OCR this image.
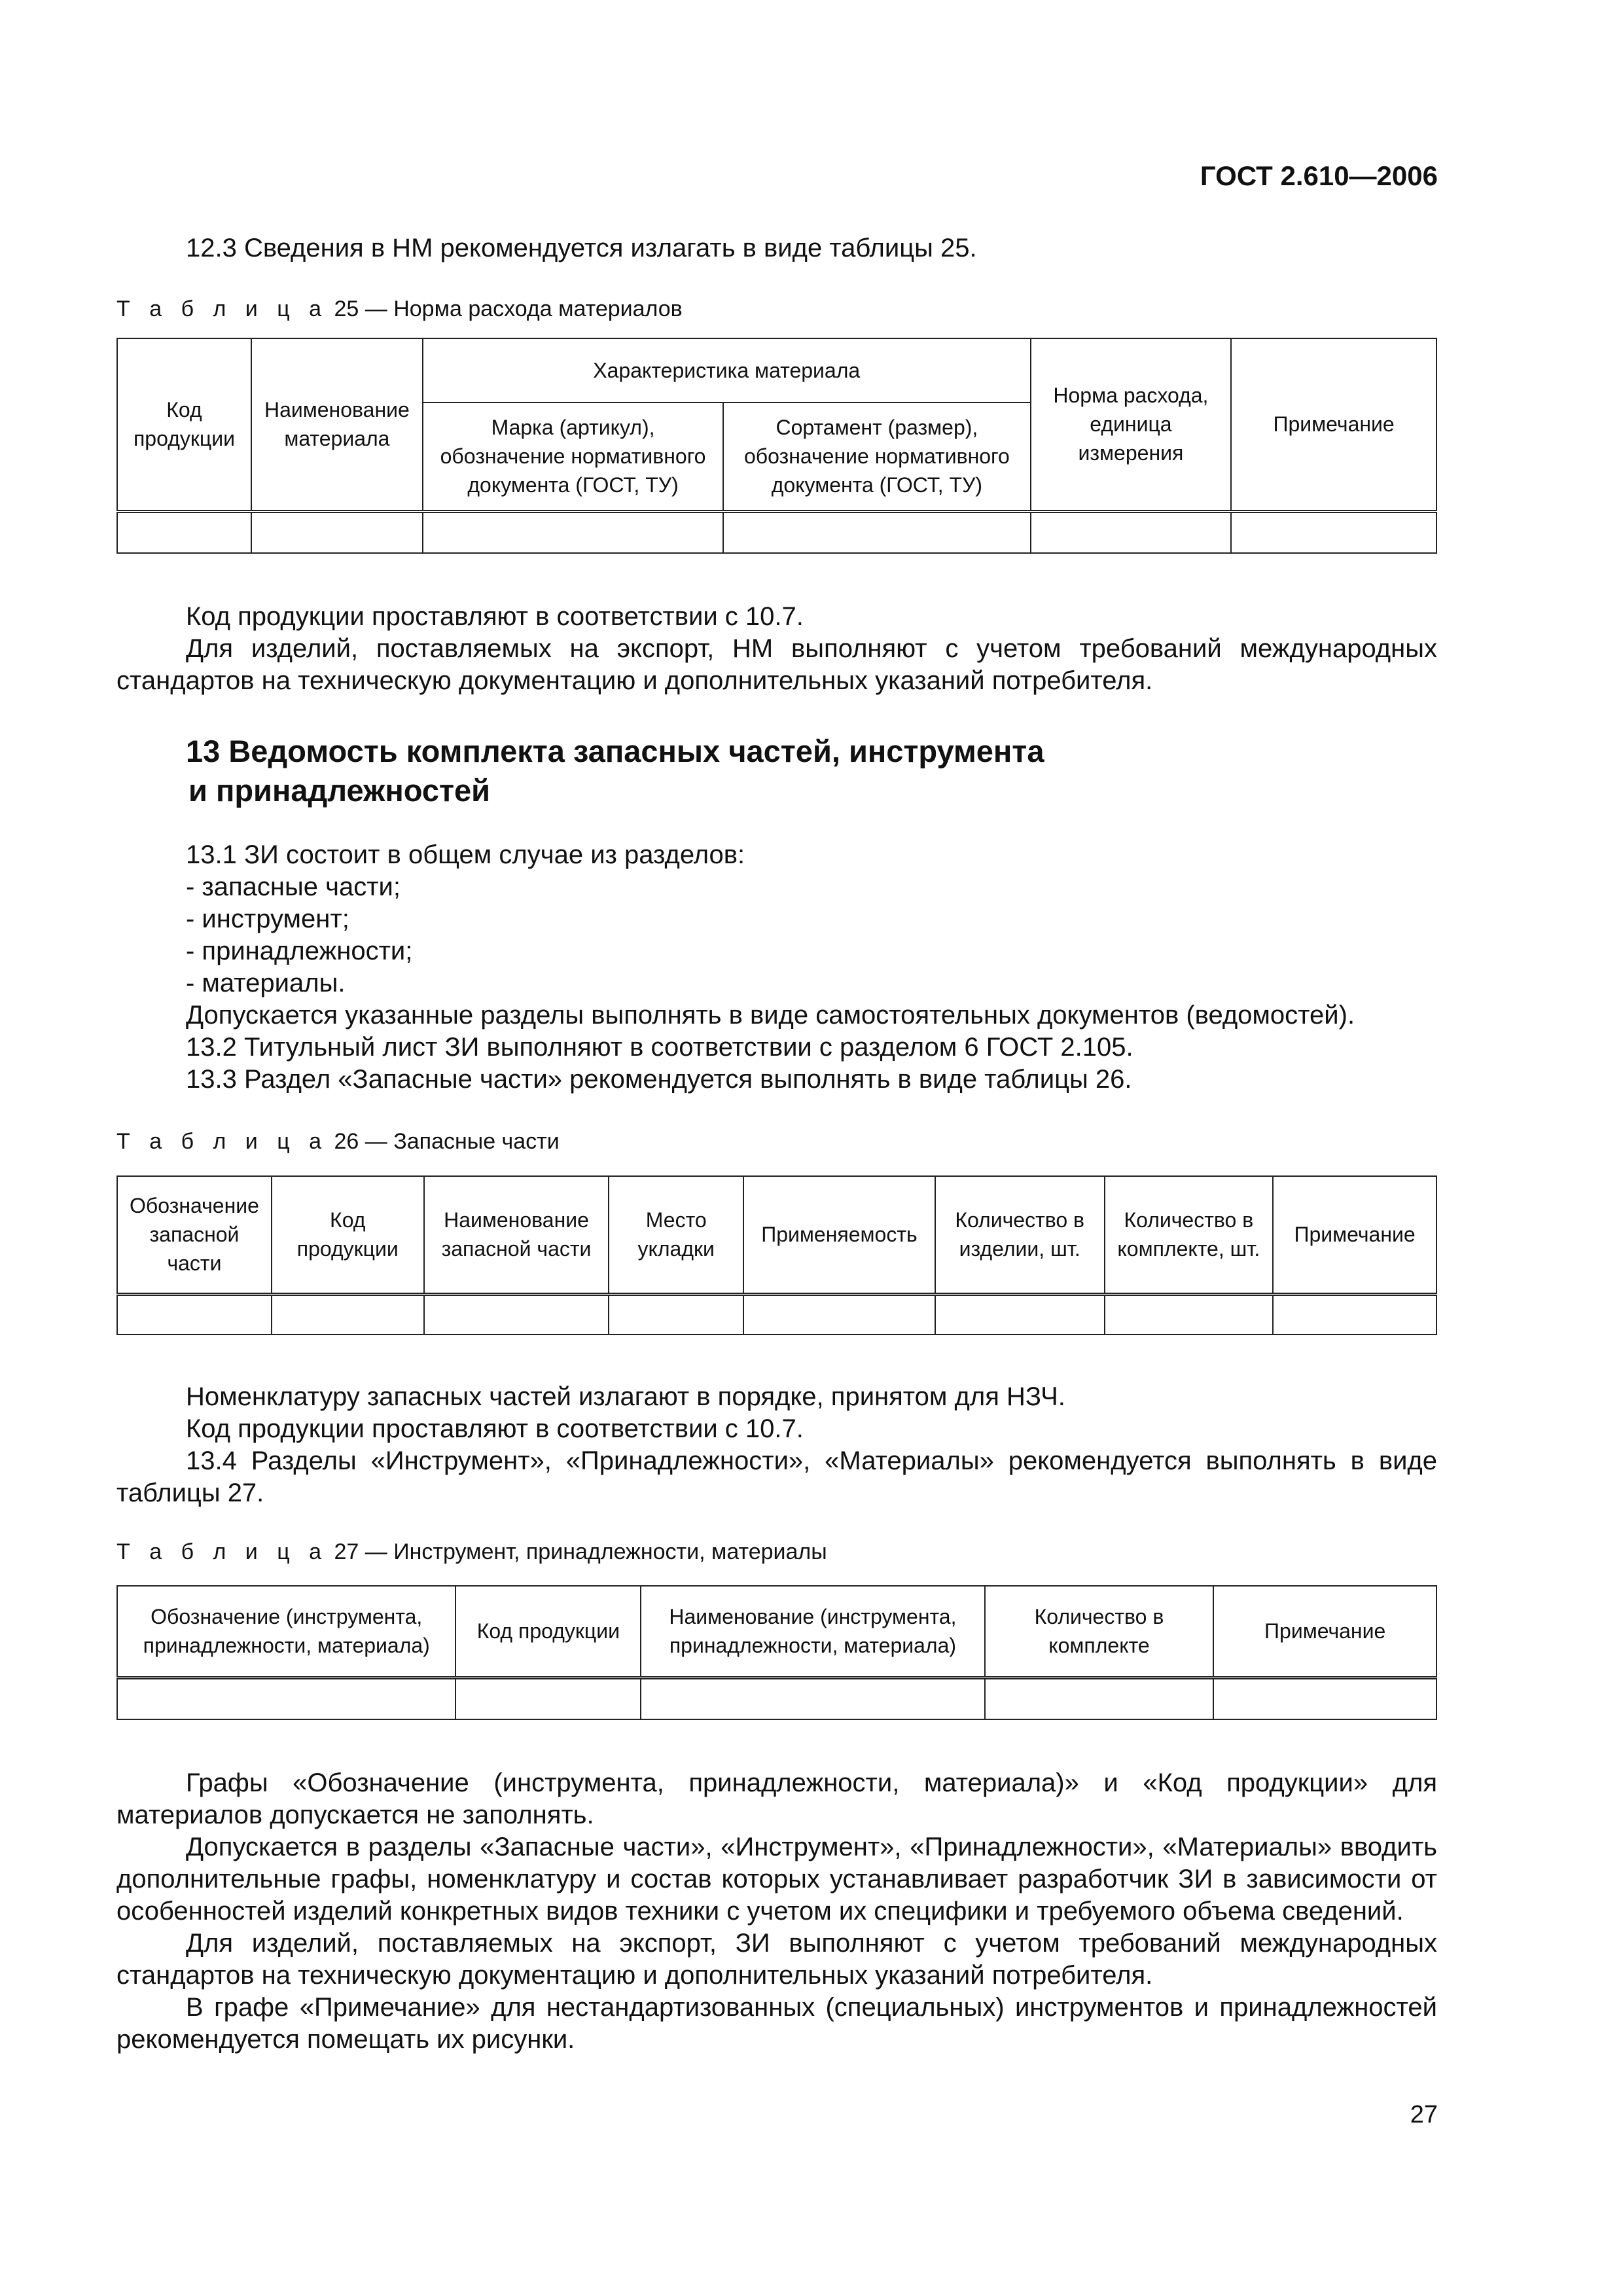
ГОСТ 2.610—2006

12.3 Сведения в НМ рекомендуется излагать в виде таблицы 25.

Т а б л и ц а 25 — Норма расхода материалов
Код продукции	Наименование материала	Характеристика материала		Норма расхода, единица измерения	Примечание
		Марка (артикул), обозначение нормативного документа (ГОСТ, ТУ)	Сортамент (размер), обозначение нормативного документа (ГОСТ, ТУ)		

Код продукции проставляют в соответствии с 10.7.

Для изделий, поставляемых на экспорт, НМ выполняют с учетом требований международных стандартов на техническую документацию и дополнительных указаний потребителя.

13 Ведомость комплекта запасных частей, инструмента
и принадлежностей

13.1 ЗИ состоит в общем случае из разделов:

- запасные части;

- инструмент;

- принадлежности;

- материалы.

Допускается указанные разделы выполнять в виде самостоятельных документов (ведомостей).

13.2 Титульный лист ЗИ выполняют в соответствии с разделом 6 ГОСТ 2.105.

13.3 Раздел «Запасные части» рекомендуется выполнять в виде таблицы 26.

Т а б л и ц а 26 — Запасные части
Обозначение запасной части	Код продукции	Наименование запасной части	Место укладки	Применяемость	Количество в изделии, шт.	Количество в комплекте, шт.	Примечание

Номенклатуру запасных частей излагают в порядке, принятом для НЗЧ.

Код продукции проставляют в соответствии с 10.7.

13.4 Разделы «Инструмент», «Принадлежности», «Материалы» рекомендуется выполнять в виде таблицы 27.

Т а б л и ц а 27 — Инструмент, принадлежности, материалы
Обозначение (инструмента, принадлежности, материала)	Код продукции	Наименование (инструмента, принадлежности, материала)	Количество в комплекте	Примечание

Графы «Обозначение (инструмента, принадлежности, материала)» и «Код продукции» для материалов допускается не заполнять.

Допускается в разделы «Запасные части», «Инструмент», «Принадлежности», «Материалы» вводить дополнительные графы, номенклатуру и состав которых устанавливает разработчик ЗИ в зависимости от особенностей изделий конкретных видов техники с учетом их специфики и требуемого объема сведений.

Для изделий, поставляемых на экспорт, ЗИ выполняют с учетом требований международных стандартов на техническую документацию и дополнительных указаний потребителя.

В графе «Примечание» для нестандартизованных (специальных) инструментов и принадлежностей рекомендуется помещать их рисунки.

27
